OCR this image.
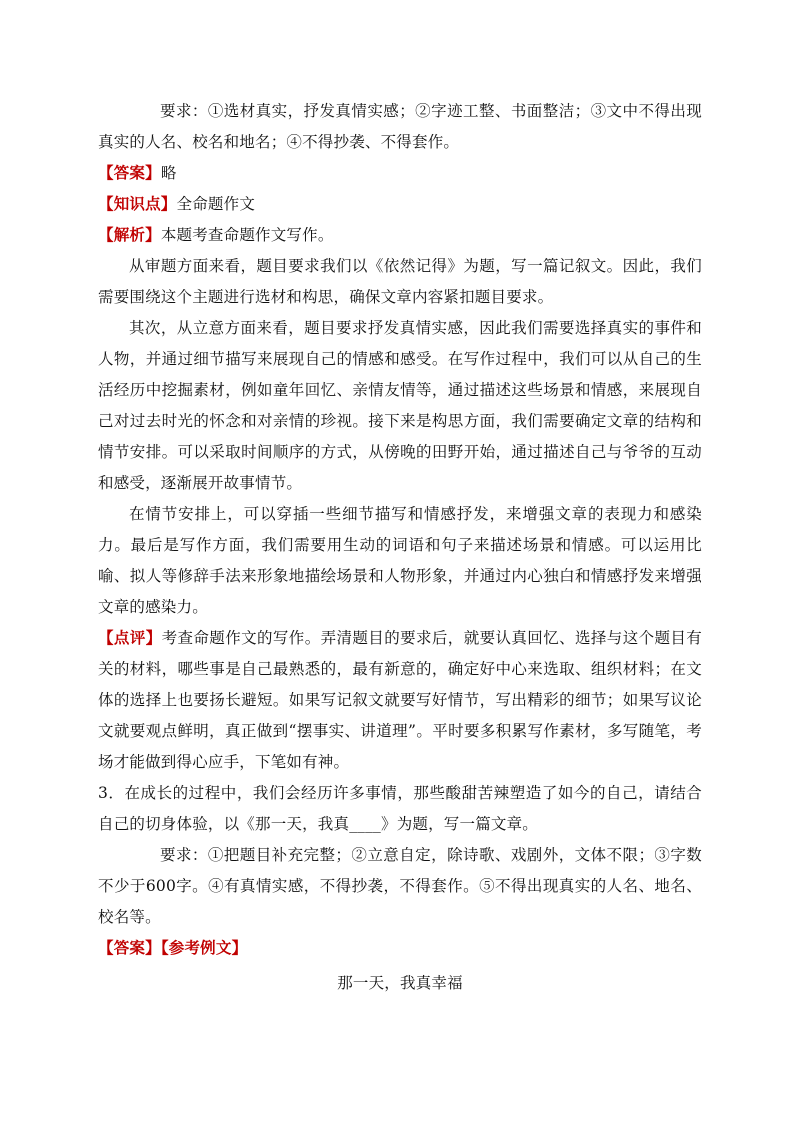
要求：①选材真实，抒发真情实感；②字迹工整、书面整洁；③文中不得出现真实的人名、校名和地名；④不得抄袭、不得套作。

【答案】略

【知识点】全命题作文

【解析】本题考查命题作文写作。

从审题方面来看，题目要求我们以《依然记得》为题，写一篇记叙文。因此，我们需要围绕这个主题进行选材和构思，确保文章内容紧扣题目要求。

其次，从立意方面来看，题目要求抒发真情实感，因此我们需要选择真实的事件和人物，并通过细节描写来展现自己的情感和感受。在写作过程中，我们可以从自己的生活经历中挖掘素材，例如童年回忆、亲情友情等，通过描述这些场景和情感，来展现自己对过去时光的怀念和对亲情的珍视。接下来是构思方面，我们需要确定文章的结构和情节安排。可以采取时间顺序的方式，从傍晚的田野开始，通过描述自己与爷爷的互动和感受，逐渐展开故事情节。

在情节安排上，可以穿插一些细节描写和情感抒发，来增强文章的表现力和感染力。最后是写作方面，我们需要用生动的词语和句子来描述场景和情感。可以运用比喻、拟人等修辞手法来形象地描绘场景和人物形象，并通过内心独白和情感抒发来增强文章的感染力。

【点评】考查命题作文的写作。弄清题目的要求后，就要认真回忆、选择与这个题目有关的材料，哪些事是自己最熟悉的，最有新意的，确定好中心来选取、组织材料；在文体的选择上也要扬长避短。如果写记叙文就要写好情节，写出精彩的细节；如果写议论文就要观点鲜明，真正做到“摆事实、讲道理”。平时要多积累写作素材，多写随笔，考场才能做到得心应手，下笔如有神。

3．在成长的过程中，我们会经历许多事情，那些酸甜苦辣塑造了如今的自己，请结合自己的切身体验，以《那一天，我真____》为题，写一篇文章。

要求：①把题目补充完整；②立意自定，除诗歌、戏剧外，文体不限；③字数不少于600字。④有真情实感，不得抄袭，不得套作。⑤不得出现真实的人名、地名、校名等。

【答案】【参考例文】

那一天，我真幸福
